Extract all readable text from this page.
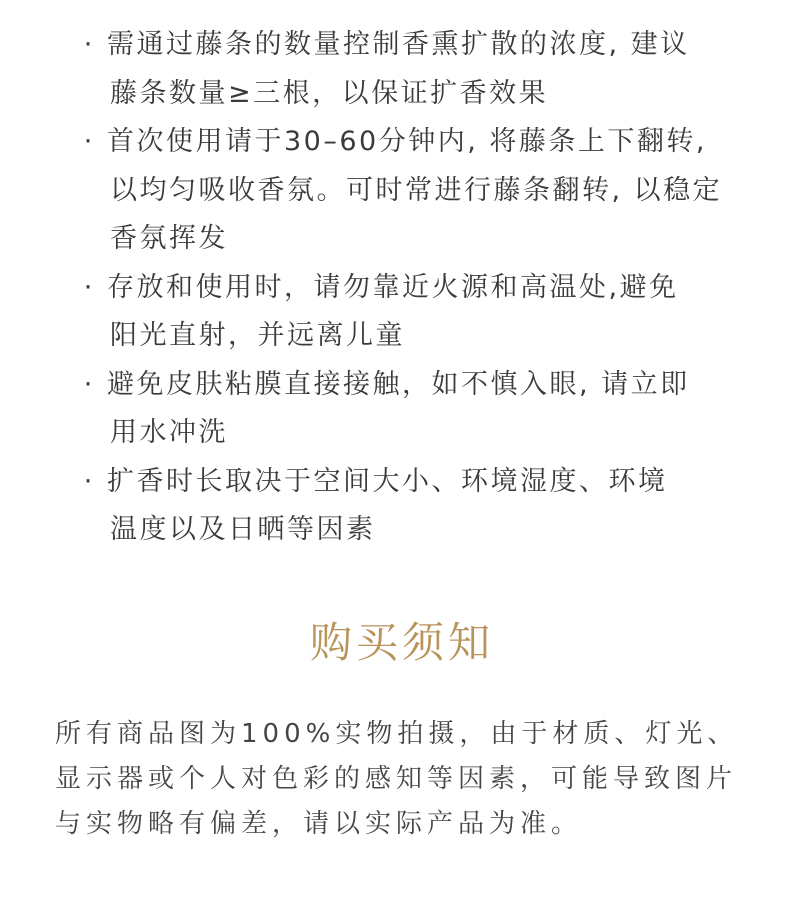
· 需通过藤条的数量控制香熏扩散的浓度, 建议
藤条数量≥三根，以保证扩香效果
· 首次使用请于30–60分钟内, 将藤条上下翻转,
以均匀吸收香氛。可时常进行藤条翻转, 以稳定
香氛挥发
· 存放和使用时，请勿靠近火源和高温处,避免
阳光直射，并远离儿童
· 避免皮肤粘膜直接接触，如不慎入眼, 请立即
用水冲洗
· 扩香时长取决于空间大小、环境湿度、环境
温度以及日晒等因素
购买须知
所有商品图为100%实物拍摄，由于材质、灯光、
显示器或个人对色彩的感知等因素，可能导致图片
与实物略有偏差，请以实际产品为准。
